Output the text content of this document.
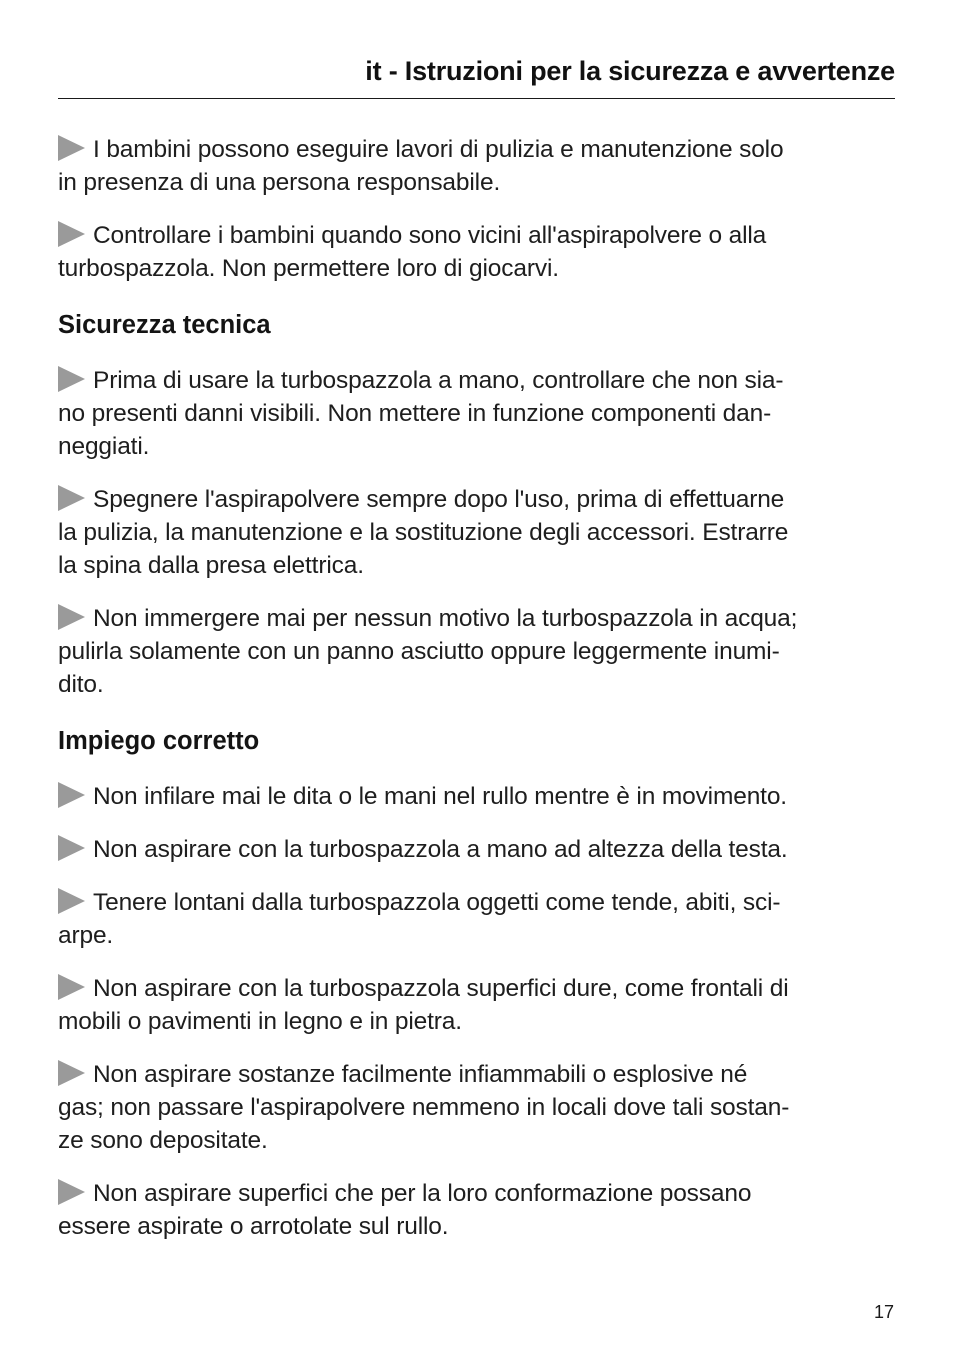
it - Istruzioni per la sicurezza e avvertenze
I bambini possono eseguire lavori di pulizia e manutenzione solo
in presenza di una persona responsabile.
Controllare i bambini quando sono vicini all'aspirapolvere o alla
turbospazzola. Non permettere loro di giocarvi.
Sicurezza tecnica
Prima di usare la turbospazzola a mano, controllare che non sia-
no presenti danni visibili. Non mettere in funzione componenti dan-
neggiati.
Spegnere l'aspirapolvere sempre dopo l'uso, prima di effettuarne
la pulizia, la manutenzione e la sostituzione degli accessori. Estrarre
la spina dalla presa elettrica.
Non immergere mai per nessun motivo la turbospazzola in acqua;
pulirla solamente con un panno asciutto oppure leggermente inumi-
dito.
Impiego corretto
Non infilare mai le dita o le mani nel rullo mentre è in movimento.
Non aspirare con la turbospazzola a mano ad altezza della testa.
Tenere lontani dalla turbospazzola oggetti come tende, abiti, sci-
arpe.
Non aspirare con la turbospazzola superfici dure, come frontali di
mobili o pavimenti in legno e in pietra.
Non aspirare sostanze facilmente infiammabili o esplosive né
gas; non passare l'aspirapolvere nemmeno in locali dove tali sostan-
ze sono depositate.
Non aspirare superfici che per la loro conformazione possano
essere aspirate o arrotolate sul rullo.
17
